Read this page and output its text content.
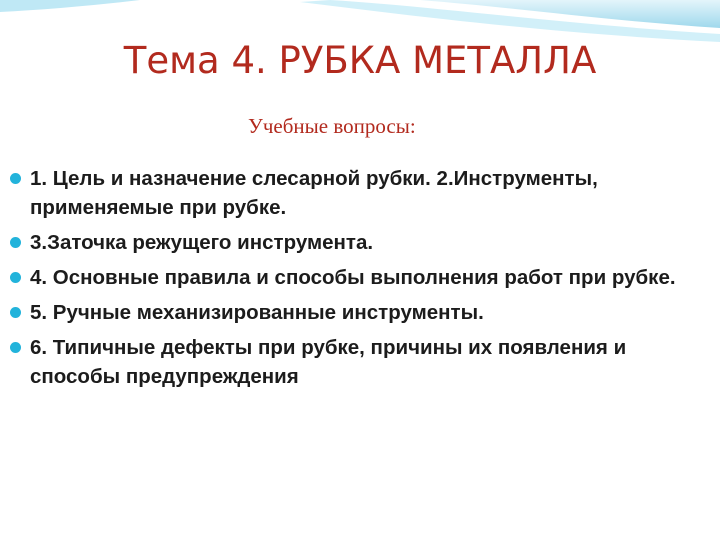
Тема 4. РУБКА МЕТАЛЛА
Учебные вопросы:
1. Цель и назначение слесарной рубки. 2.Инструменты, применяемые при рубке.
3.Заточка режущего инструмента.
4. Основные правила и способы выполнения работ при рубке.
5. Ручные механизированные инструменты.
6. Типичные дефекты при рубке, причины их появления и способы предупреждения
